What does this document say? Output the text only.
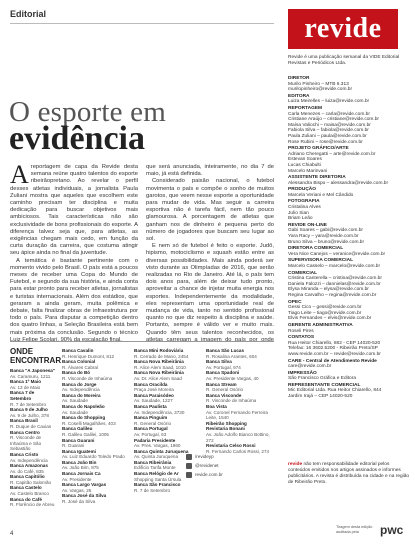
Editorial
O esporte em
evidência

Areportagem de capa da Revide desta semana reúne quatro talentos do esporte ribeirãopretano. Ao revelar o perfil desses atletas individuais, a jornalista Paula Zuliani mostra que aqueles que escolhem este caminho precisam ter disciplina e muita dedicação para buscar objetivos mais ambiciosos. Tais características não são exclusividade de bons profissionais do esporte. A diferença talvez seja que, para atletas, as exigências chegam mais cedo, em função da curta duração da carreira, que costuma atingir seu ápice ainda no final da juventude.

A temática é bastante pertinente com o momento vivido pelo Brasil. O país está a poucos meses de receber uma Copa do Mundo de Futebol, e segundo da sua história, e ainda conta para estar pronto para receber atletas, jornalistas e turistas internacionais. Além dos estádios, que geraram a ainda geram, muita polêmica e debate, falta finalizar obras de infraestrutura por todo o país. Para disputar a competição dentro dos quatro linhas, a Seleção Brasileira está bem mais próxima da conclusão. Segundo o técnico Luiz Felipe Scolari, 90% da escalação final,

que será anunciada, inteiramente, no dia 7 de maio, já está definida.

Considerado paixão nacional, o futebol movimenta o país e compõe o sonho de muitos garotos, que veem nesse esporte a oportunidade para mudar de vida. Mas seguir a carreira esportiva não é tarefa fácil, nem tão pouco glamourosa. A porcentagem de atletas que ganham nos de dinheiro é pequena perto do número de jogadores que buscam seu lugar ao sol.

E nem só de futebol é feito o esporte. Judô, hipismo, motociclismo e squash estão entre as diversas possibilidades. Mais ainda poderá ser visto durante as Olimpíadas de 2016, que serão realizadas no Rio de Janeiro. Até lá, o país tem dois anos para, além de deixar tudo pronto, aproveitar a chance de injetar muita energia nos esportes. Independentemente da modalidade, eles representam uma oportunidade real de mudança de vida, tanto no sentido profissional quanto no que diz respeito à disciplina e saúde. Portanto, sempre é válido ver e muito mais. Quando têm seus talentos reconhecidos, os atletas carregam a imagem do país por onde

ONDE ENCONTRAR
Banca "A Japonesa"
Av. Caramuru, 1211
Banca 1º Maio
Av. 13 de Maio
Banca 7 de Setembro
R. 7 de Setembro
Banca 9 de Julho
Av. 9 de Julho, 378
Banca Brasil
R. Duque de Caxias
Banca Centro
R. Visconde de Inhaúma e São Sebastião
Banca Cristo
Av. Independência
Banca Amazonas
Av. do Café, 835
Banca Capitólio
R. Capitão Salomão
Banca Castelo
Av. Castelo Branco
Banca do Café
R. Florêncio de Abreu
Banca Cavalin
R. Henrique Dumont, 812
Banca Colonial
R. Álvares Cabral
Banca do Bó
R. Visconde de Inhaúma
Banca do Jorge
Av. Independência
Banca do Moreira
Av. Saudade
Banca do Napoleão
Av. Saudade
Banca do Shopping
R. Coselli Magalhães, 403
Banca Galileu
R. Galileu Galilei, 1005
Banca Guarani
R. Guarani
Banca Iguatemi
Av. Luiz Eduardo Toledo Prado
Banca João Bin
Av. João Bim, 875
Banca Jornais Ca
Av. Presidente
Banca Largo Vargas
Av. Vargas, 25
Banca José da Silva
R. José da Silva
Banca Mini Rodoviária
R. Cerrado de Mano, 2454
Banca Nova Ribeirânia
R. Alice Alem Saad, 1010
Banca Nova Ribeirânia
Av. Dr. Alice Alem Saad
Banca Oracilda
Praça José Moreira
Banca Paraisódeo
Av. Saudade, 1227
Banca Paulista
Av. Independência, 3730
Banca Pinguim
R. General Osório
Banca Portugal
Av. Portugal, 63
Padaria Presidente
Av. Pres. Vargas, 1960
Banca Quinta Juruquena
Av. Quinta Juruquena
Banca Ribeirânia
Edifício Tarifa Monte
Banca Relógio de Ar
Shopping Santa Úrsula
Banca São Francisco
R. 7 de Setembro
Banca São Lucas
R. Rosalina Arantes, 604
Banca Silva
Av. Portugal, 974
Banca Spadoni
Av. Presidente Vargas, 40
Banca Stream
R. General Osório
Banca Visconde
R. Visconde de Inhaúma
Boa Vista
Av. Coronel Fernando Ferreira Leite, 1540
Ribeirão Shopping
Revistaria Bonani
Av. João Adolfo Bianco Bottino, 272
Revistaria Celso Rossi
R. Fernando Carlos Rossi, 274
/revideyp
@revidenet
revide.com.br
4
revide
Revide é uma publicação semanal da VIDE Editorial Revistas e Periódicos Ltda.
DIRETOR
Murilo Pinheiro – MTB 6.313
murilopinheiro@revide.com.br
EDITORA
Luiza Meirelles – luiza@revide.com.br
REPORTAGEM
Carla Menezes – carla@revide.com.br
Cristiane Araújo – cristiane@revide.com.br
Maísa Valiochi – maisa@revide.com.br
Fabiola Silva – fabiola@revide.com.br
Paula Zuliani – paula@revide.com.br
Rose Rubini – rose@revide.com.br
PROJETO GRÁFICO/ARTE
Adriano Cheregatti – arte@revide.com.br
Estevan Soares
Lucas Chiabulti
Marcelo Marinvani
ASSISTENTE DIRETORIA
Alessandra Bispo – alessandra@revide.com.br
PRODUÇÃO
Marcela Veriani e Mel Cândido
FOTOGRAFIA
Cristalina Alves
Julio Sian
Briam Leão
REVIDE ON-LINE
Gabi Soares – gabi@revide.com.br
Yara Racy – yara@revide.com.br
Bruno Silva – bruno@revide.com.br
DIRETORA COMERCIAL
Vera Nice Canejos – veranice@revide.com.br
SUPERVISORA COMERCIAL
Marcelo Casselo – marcelo@revide.com.br
COMERCIAL
Cristina Canterella – cristina@revide.com.br
Daniela Falozzi – dannielas@revide.com.br
Elysa Miranda – elysa@revide.com.br
Regina Carvalho – regina@revide.com.br
OPEC
Gessi Cico – gessi@revide.com.br
Tiago Leite – tiago@revide.com.br
Elvis Fernandes – elvis@revide.com.br
GERENTE ADMINISTRATIVA
Roseli Pires
CONTATOS
Rua Heitor Chiarello, 882 - CEP 14020-520
Telefax: 16 3602.5200 - Ribeirão Preto/SP
www.revide.com.br – revide@revide.com.br
CARE - Central de Atendimento Revide
care@revide.com.br
IMPRESSÃO
São Francisco Gráfica e Editora
REPRESENTANTE COMERCIAL
Mic Editorial Ltda. Rua Heitor Chiarello, 844
Jardim Irajá – CEP 14020-520
revide não tem responsabilidade editorial pelos conteúdos emitidos nos artigos assinados e informes publicitários. A revista é distribuída na cidade e na região de Ribeirão Preto.
Tiragem desta edição auditada pela	pwc
